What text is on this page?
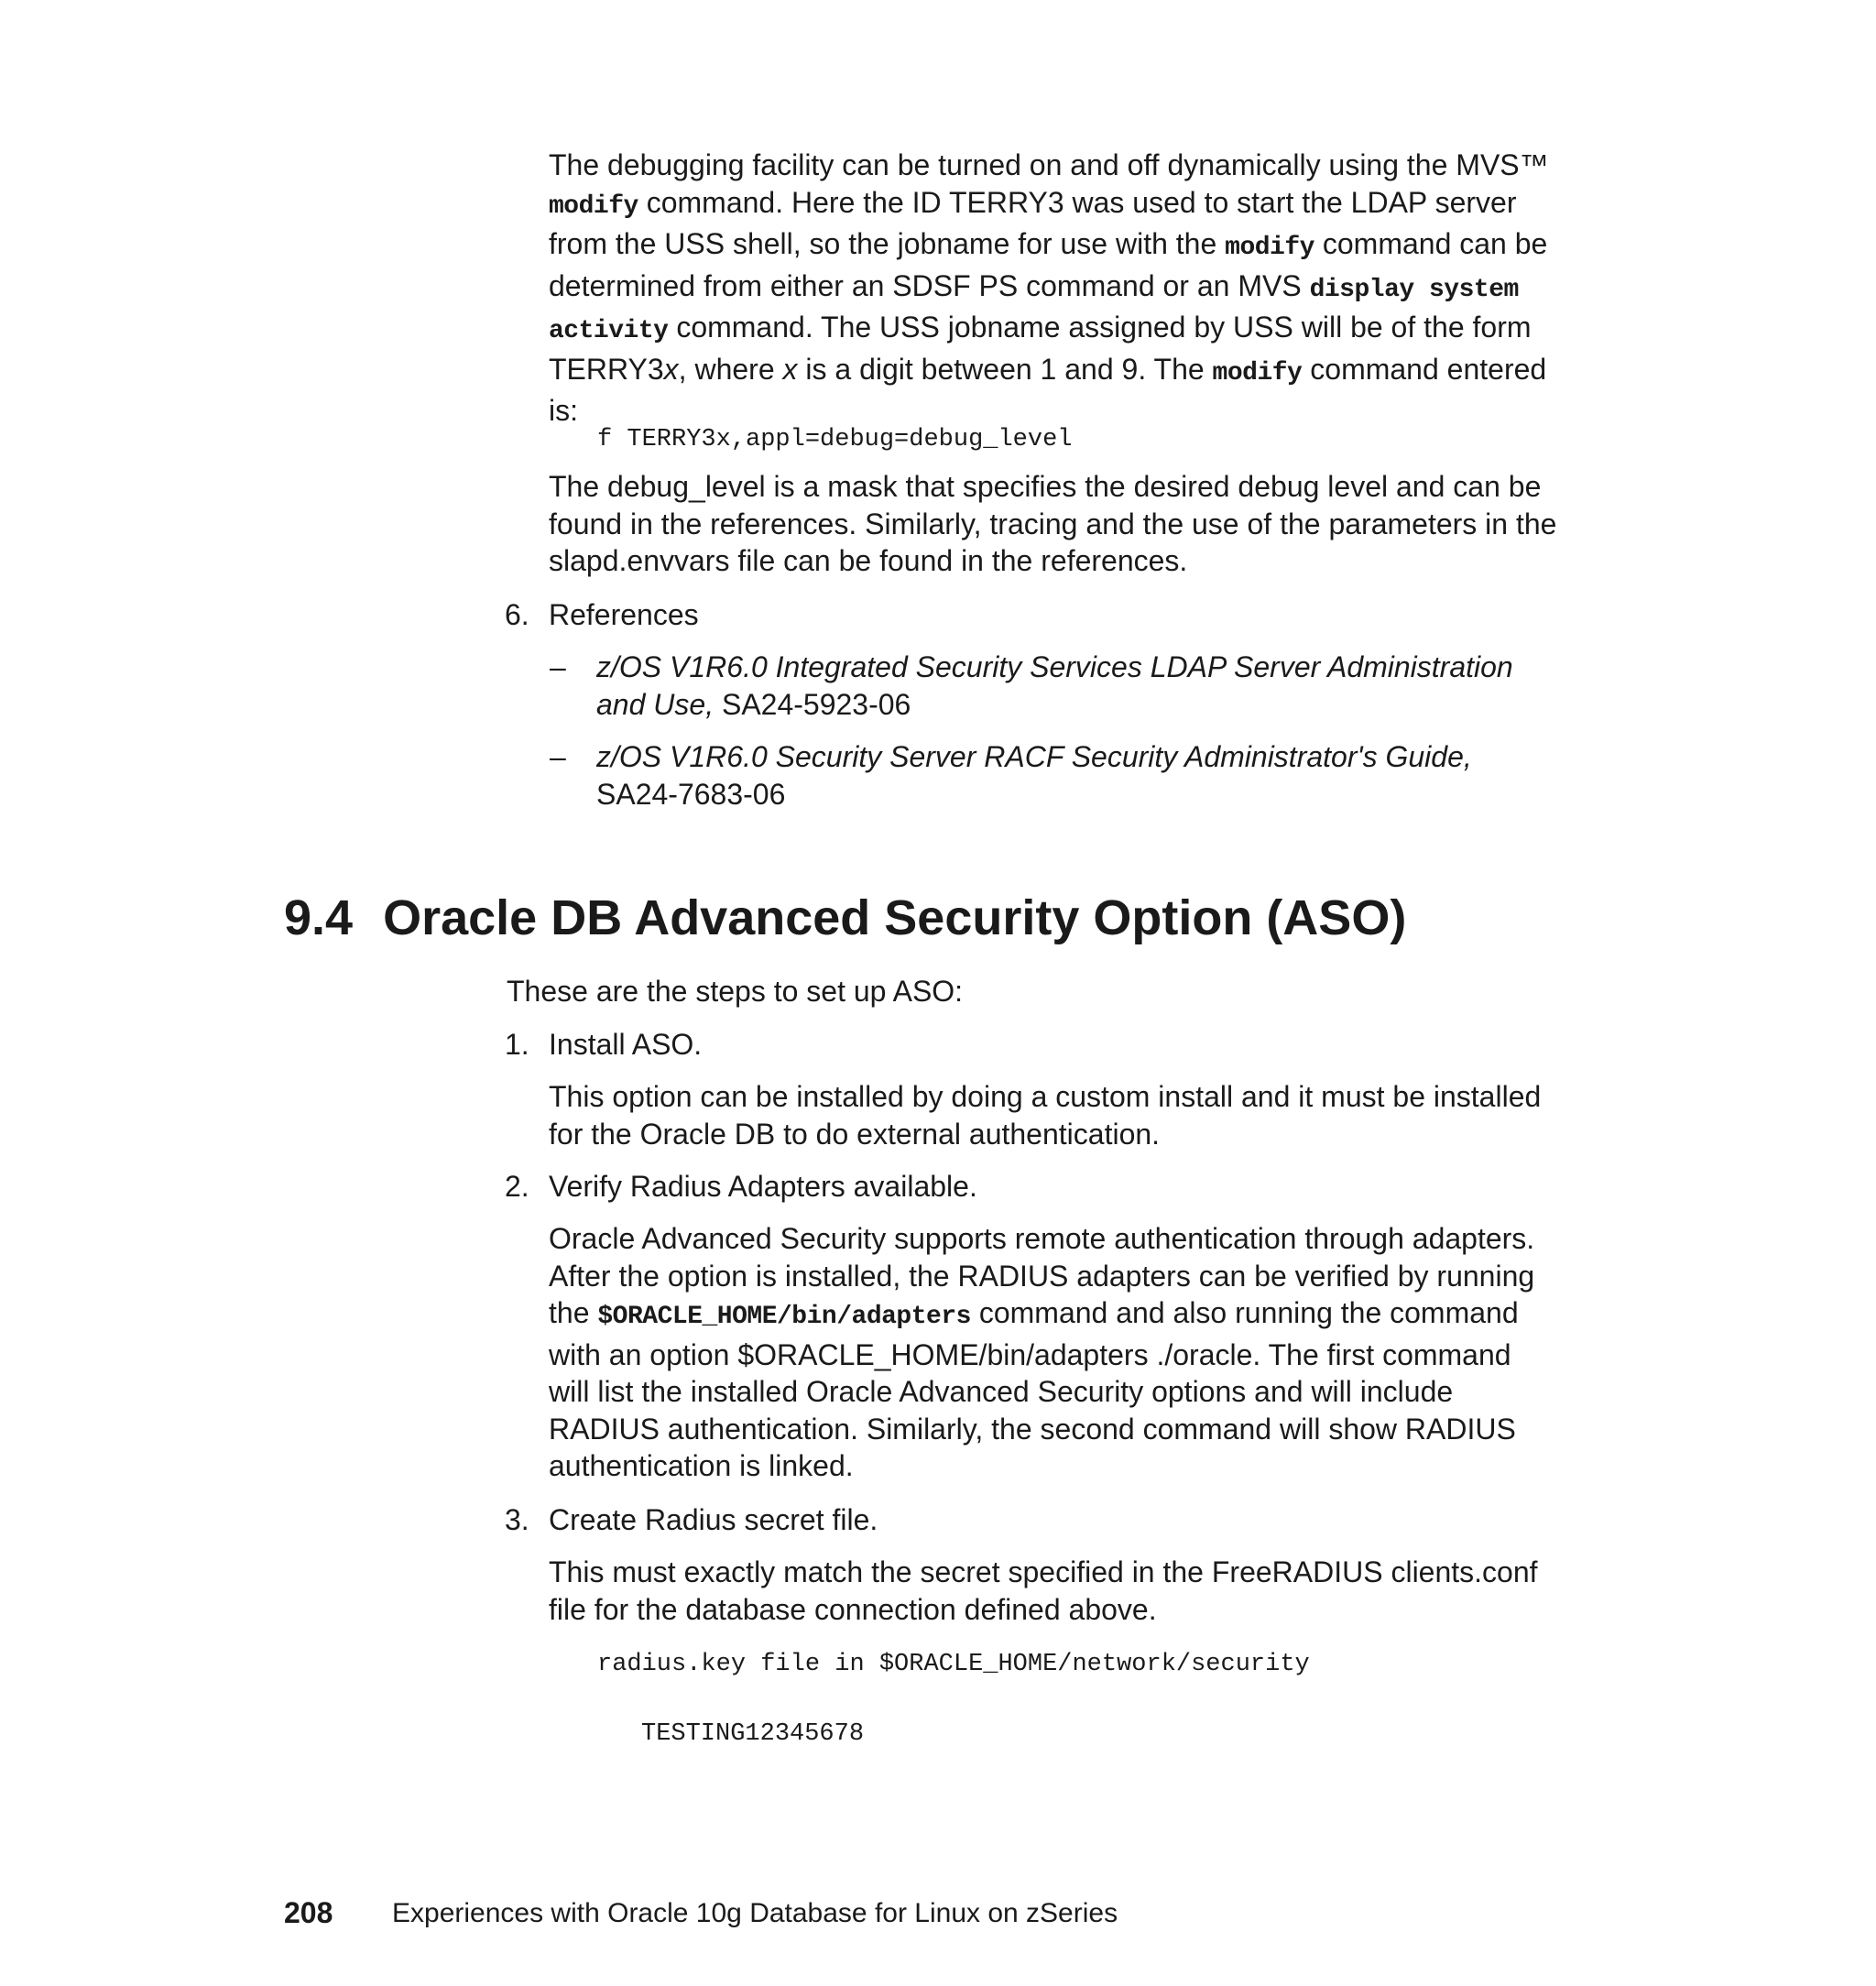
The debugging facility can be turned on and off dynamically using the MVS™
modify command. Here the ID TERRY3 was used to start the LDAP server
from the USS shell, so the jobname for use with the modify command can be
determined from either an SDSF PS command or an MVS display system
activity command. The USS jobname assigned by USS will be of the form
TERRY3x, where x is a digit between 1 and 9. The modify command entered
is:
f TERRY3x,appl=debug=debug_level
The debug_level is a mask that specifies the desired debug level and can be
found in the references. Similarly, tracing and the use of the parameters in the
slapd.envvars file can be found in the references.
6. References
– z/OS V1R6.0 Integrated Security Services LDAP Server Administration
and Use, SA24-5923-06
– z/OS V1R6.0 Security Server RACF Security Administrator's Guide,
SA24-7683-06
9.4 Oracle DB Advanced Security Option (ASO)
These are the steps to set up ASO:
1. Install ASO.
This option can be installed by doing a custom install and it must be installed
for the Oracle DB to do external authentication.
2. Verify Radius Adapters available.
Oracle Advanced Security supports remote authentication through adapters.
After the option is installed, the RADIUS adapters can be verified by running
the $ORACLE_HOME/bin/adapters command and also running the command
with an option $ORACLE_HOME/bin/adapters ./oracle. The first command
will list the installed Oracle Advanced Security options and will include
RADIUS authentication. Similarly, the second command will show RADIUS
authentication is linked.
3. Create Radius secret file.
This must exactly match the secret specified in the FreeRADIUS clients.conf
file for the database connection defined above.
radius.key file in $ORACLE_HOME/network/security
TESTING12345678
208 Experiences with Oracle 10g Database for Linux on zSeries
